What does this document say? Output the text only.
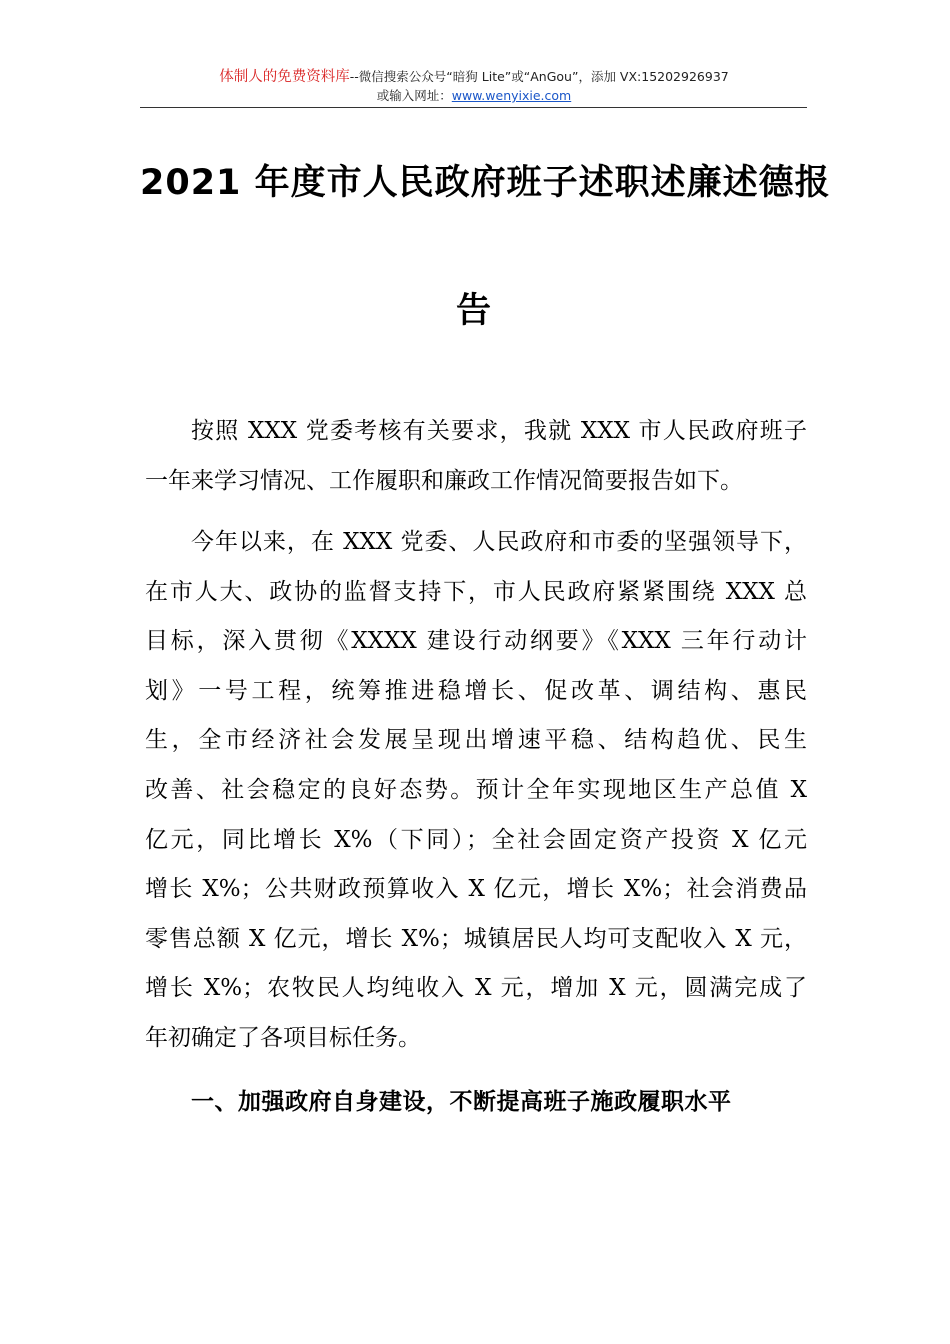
体制人的免费资料库--微信搜索公众号“暗狗 Lite”或“AnGou”，添加 VX:15202926937
或输入网址：www.wenyixie.com
2021 年度市人民政府班子述职述廉述德报
告
按照 XXX 党委考核有关要求，我就 XXX 市人民政府班子
一年来学习情况、工作履职和廉政工作情况简要报告如下。
今年以来，在 XXX 党委、人民政府和市委的坚强领导下，
在市人大、政协的监督支持下，市人民政府紧紧围绕 XXX 总
目标，深入贯彻《XXXX 建设行动纲要》《XXX 三年行动计
划》一号工程，统筹推进稳增长、促改革、调结构、惠民
生，全市经济社会发展呈现出增速平稳、结构趋优、民生
改善、社会稳定的良好态势。预计全年实现地区生产总值 X
亿元，同比增长 X%（下同）；全社会固定资产投资 X 亿元
增长 X%；公共财政预算收入 X 亿元，增长 X%；社会消费品
零售总额 X 亿元，增长 X%；城镇居民人均可支配收入 X 元，
增长 X%；农牧民人均纯收入 X 元，增加 X 元，圆满完成了
年初确定了各项目标任务。
一、加强政府自身建设，不断提高班子施政履职水平
